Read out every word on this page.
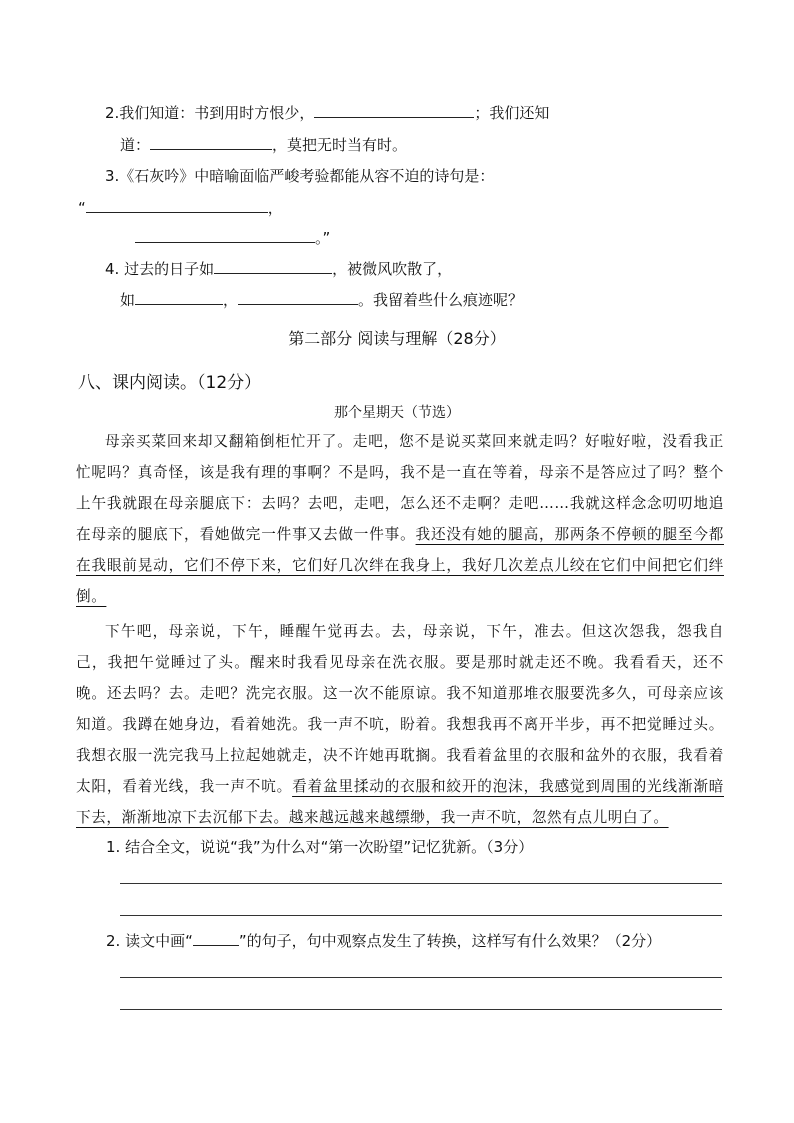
2.我们知道：书到用时方恨少，	；我们还知
道：	，莫把无时当有时。
3.《石灰吟》中暗喻面临严峻考验都能从容不迫的诗句是：
“	，
。”
4. 过去的日子如	，被微风吹散了，
如	，	。我留着些什么痕迹呢？
第二部分 阅读与理解（28分）
八、课内阅读。（12分）
那个星期天（节选）

母亲买菜回来却又翻箱倒柜忙开了。走吧，您不是说买菜回来就走吗？好啦好啦，没看我正忙呢吗？真奇怪，该是我有理的事啊？不是吗，我不是一直在等着，母亲不是答应过了吗？整个上午我就跟在母亲腿底下：去吗？去吧，走吧，怎么还不走啊？走吧……我就这样念念叨叨地追在母亲的腿底下，看她做完一件事又去做一件事。我还没有她的腿高，那两条不停顿的腿至今都在我眼前晃动，它们不停下来，它们好几次绊在我身上，我好几次差点儿绞在它们中间把它们绊倒。

下午吧，母亲说，下午，睡醒午觉再去。去，母亲说，下午，准去。但这次怨我，怨我自己，我把午觉睡过了头。醒来时我看见母亲在洗衣服。要是那时就走还不晚。我看看天，还不晚。还去吗？去。走吧？洗完衣服。这一次不能原谅。我不知道那堆衣服要洗多久，可母亲应该知道。我蹲在她身边，看着她洗。我一声不吭，盼着。我想我再不离开半步，再不把觉睡过头。我想衣服一洗完我马上拉起她就走，决不许她再耽搁。我看着盆里的衣服和盆外的衣服，我看着太阳，看着光线，我一声不吭。看着盆里揉动的衣服和絞开的泡沫，我感觉到周围的光线渐渐暗下去，渐渐地凉下去沉郁下去。越来越远越来越缥缈，我一声不吭，忽然有点儿明白了。

1. 结合全文，说说“我”为什么对“第一次盼望”记忆犹新。（3分）
2. 读文中画“	”的句子，句中观察点发生了转换，这样写有什么效果？（2分）
